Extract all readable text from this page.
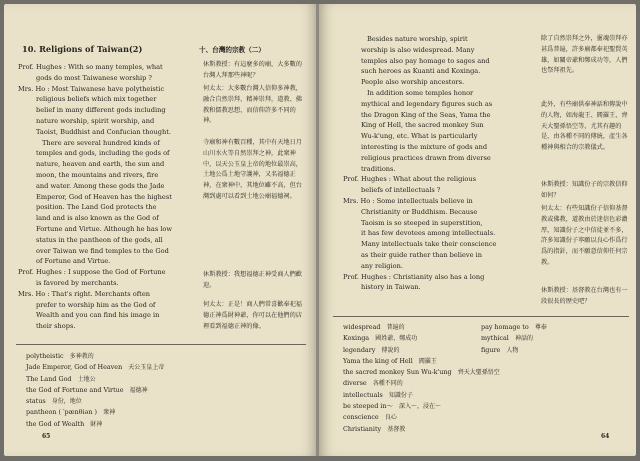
10. Religions of Taiwan(2)	十、台灣的宗教（二）
Prof. Hughes : With so many temples, what
gods do most Taiwanese worship ?
Mrs. Ho : Most Taiwanese have polytheistic
religious beliefs which mix together
belief in many different gods including
nature worship, spirit worship, and
Taoist, Buddhist and Confucian thought.
There are several hundred kinds of
temples and gods, including the gods of
nature, heaven and earth, the sun and
moon, the mountains and rivers, fire
and water. Among these gods the Jade
Emperor, God of Heaven has the highest
position. The Land God protects the
land and is also known as the God of
Fortune and Virtue. Although he has low
status in the pantheon of the gods, all
over Taiwan we find temples to the God
of Fortune and Virtue.
Prof. Hughes : I suppose the God of Fortune
is favored by merchants.
Mrs. Ho : That's right. Merchants often
prefer to worship him as the God of
Wealth and you can find his image in
their shops.
休斯教授：有這麼多的廟，大多數的台灣人拜那些神呢？
何太太：大多數台灣人信仰多神教，融合自然崇拜、精神崇拜，道教、佛教和儒教思想，而信仰許多不同的神。
寺廟和神有數百種，其中有天地日月山川水火等自然崇拜之神，此衆神中，以天公玉皇上帝的地位最崇高，土地公爲土地守護神，又名福德正神，在衆神中，其地位雖不高，但台灣到處可以看到土地公廟福德祠。
休斯教授：我想福德正神受商人們歡迎。
何太太：正是！商人們常喜歡奉祀福德正神爲財神爺，你可以在他們的店裡看到福德正神的像。
polytheistic 多神教的
Jade Emperor, God of Heaven 天公玉皇上帝
The Land God 土地公
the God of Fortune and Virtue 福德神
status 身份，地位
pantheon ( ′pænθiən ) 衆神
the God of Wealth 財神
65
Besides nature worship, spirit
worship is also widespread. Many
temples also pay homage to sages and
such heroes as Kuanti and Koxinga.
People also worship ancestors.
In addition some temples honor
mythical and legendary figures such as
the Dragon King of the Seas, Yama the
King of Hell, the sacred monkey Sun
Wu-k'ung, etc. What is particularly
interesting is the mixture of gods and
religious practices drawn from diverse
traditions.
Prof. Hughes : What about the religious
beliefs of intellectuals ?
Mrs. Ho : Some intellectuals believe in
Christianity or Buddhism. Because
Taoism is so steeped in superstition,
it has few devotees among intellectuals.
Many intellectuals take their conscience
as their guide rather than believe in
any religion.
Prof. Hughes : Christianity also has a long
history in Taiwan.
除了自然崇拜之外，靈魂崇拜亦甚爲普遍，許多廟都奉祀聖賢英雄，如關帝爺和鄭成功等，人們也祭拜祖先。
此外，有些廟供奉神話和傳說中的人物，如海龍王、閻羅王、齊天大聖孫悟空等，尤其有趣的是，由各種不同的傳統，產生各種神與相合的宗教儀式。
休斯教授：知識份子的宗教信仰如何？
何太太：有些知識份子信仰基督教或佛教，道教由於迷信色彩濃厚，知識份子之中信徒並不多，許多知識份子寧願以良心作爲行爲的指針，而不願意信仰任何宗教。
休斯教授：基督教在台灣也有一段很長的歷史吧？
widespread 普遍的
Koxinga 國姓爺，鄭成功
legendary 傳說的
Yama the king of Hell 閻羅王
the sacred monkey Sun Wu-k'ung 齊天大聖孫悟空
diverse 各種不同的
intellectuals 知識份子
be steeped in～ 深入～，浸在～
conscience 良心
Christianity 基督教
pay homage to 尊奉
mythical 神話的
figure 人物
64
